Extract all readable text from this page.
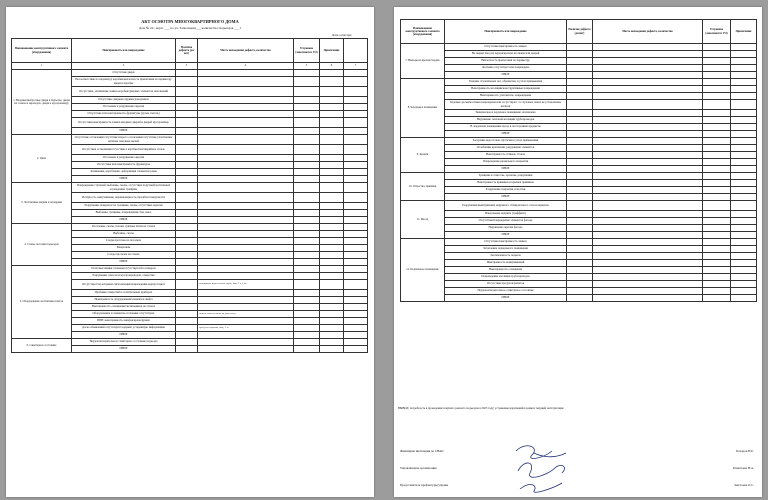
АКТ ОСМОТРА МНОГОКВАРТИРНОГО ДОМА
Дом № 24 , корп. ___ по ул. Запесецкая___ количество подъездов ___1
Дата осмотра:
Наименование конструктивного элемента (оборудования)	Неисправность или повреждение	Наличие дефекта (да/нет)	Место нахождения дефекта, количество	Устранено (заполняется УО)	Примечание	
1	2	3	4	5	6	7
1. Входные/выбросные двери в подъезде, двери на этажах и переходах, двери в мусорокамеру	Отсутствие двери					
	Несоответствие по параметру коробки/неплотность прилегания по периметру двери в коробке					
	Отсутствие, затемнение замков коробки/дверных элементов заполнений					
	Отсутствие дверных пружин/доводчиков					
	Отслоение и разрушение окраски					
	Отсутствие или неисправность фурнитуры (ручек, петель)					
	Отсутствие/неисправность замков входных дверей и дверей мусорокамер					
	ИНОЕ					
2. Окна	Отсутствие остекления/отсутствие второго остекления/отсутствие уплотнения/наличие сквозных щелей					
	Отсутствие остекления/отсутствие в коробке/тип/аварийное стекло					
	Отслоение и разрушение окраски					
	Отсутствие или неисправность фурнитуры					
	Загнивание, коробление, деформация элементов рамы					
	ИНОЕ					
3. Лестничные марши и площадки	Повреждение ступеней: выбоины, сколы, отсутствие поручней/лестничных ограждений, трещины					
	Истёртость, выпучивание, неравномерность прогибов поверхности					
	Разрушение поверхности, трещины, сколы, отсутствие окраски					
	Выбоины, трещины, повреждения стен, иное					
	ИНОЕ					
4. Стены, потолки подъездов	Отслоение, сколы, потеки, грязные пятна на стенах					
	Выбоины, сколы					
	Следы протечек на потолках					
	Вандализм					
	Следы протечек на стенах					
	ИНОЕ					
5. Оборудование лестничных клеток	Почтовые ящики сломаны/отсутствуют/без номеров					
	Разрушение откосов и мусоропроводов, отверстия					
	Отсутствует/не исправна сигнализация/повреждения корпуса щита		неисправна водосточная труба, вид: 1 к, 1 кв			
	Пробивка отверстий в отопительных приборах					
	Неисправность оборудования/элементов лифта					
	Неисправность освещения/светильников на этажах					
	Оборудование и элементы отопления отсутствуют		запись замена ключа на диспетчер			
	ВПВ: неисправность шкафов/крана/рукава					
	Доска объявлений отсутствует/содержит устаревшую информацию		требуется окраска, вид: 1 эт			
	ИНОЕ					
6. Санитарное состояние	Неудовлетворительное санитарное состояние подъезда					
	ИНОЕ					
Наименование конструктивного элемента (оборудования)	Неисправность или повреждение	Наличие дефекта (да/нет)	Место нахождения дефекта, количество	Устранено (заполняется УО)	Примечание
7. Выходы на кровлю/чердак	Отсутствие/неисправность замков				
	Не закрыт вход на чердак/кровлю из люков или дверей				
	Неплотность прилегания по периметру				
	Лестница отсутствует или повреждена				
	ИНОЕ				
8. Чердачное помещение	Гниение стропильных ног, обрешетки, в узлах примыкания				
	Неисправность изоляции/конструктивные повреждения				
	Неисправность утеплителя, повреждения				
	Ходовые доски/мостики повреждены или отсутствуют / в слуховых окнах не установлены жалюзи				
	Техническое и чердачное помещение захламлено				
	Нарушение тепловой изоляции трубопроводов				
	В чердачном помещении мусор и посторонние предметы				
	ИНОЕ				
9. Кровля	Засорение водостоков, протечки в узлах примыкания				
	Ослабление крепления, разрушение элементов				
	Неисправность отливов, стоков				
	Повреждение кровельного покрытия				
	ИНОЕ				
10. Отмостка, приямки	Трещины в отмостке, провалы, разрушения				
	Неисправность приямков и крышек приямков				
	Разрушение покрытия отмостки				
	ИНОЕ				
11. Фасад	Разрушение/выветривание наружного облицовочного слоя и карнизов				
	Вандальные надписи (граффити)				
	Отсутствие/повреждение элементов фасада				
	Нарушение окраски фасада				
	ИНОЕ				
12. Подвальное помещение	Отсутствие/неисправность замков				
	Затопление подвального помещения				
	Захламленность подвала				
	Неисправность коммуникаций				
	Неисправность освещения				
	Повреждение изоляции трубопроводов				
	Отсутствие продухов/решеток				
	Неудовлетворительное санитарное состояние				
	ИНОЕ				
ВЫВОД: потребность в проведении текущего ремонта подъездов в 2023 году; устранение нарушений в рамках текущей эксплуатации
Жилищная инспекция по СВАО	Бочаров Н.Е.
Управляющая организация	Решетьева Н.А.
Представитель префектуры/управы	Завстоева О.С.
